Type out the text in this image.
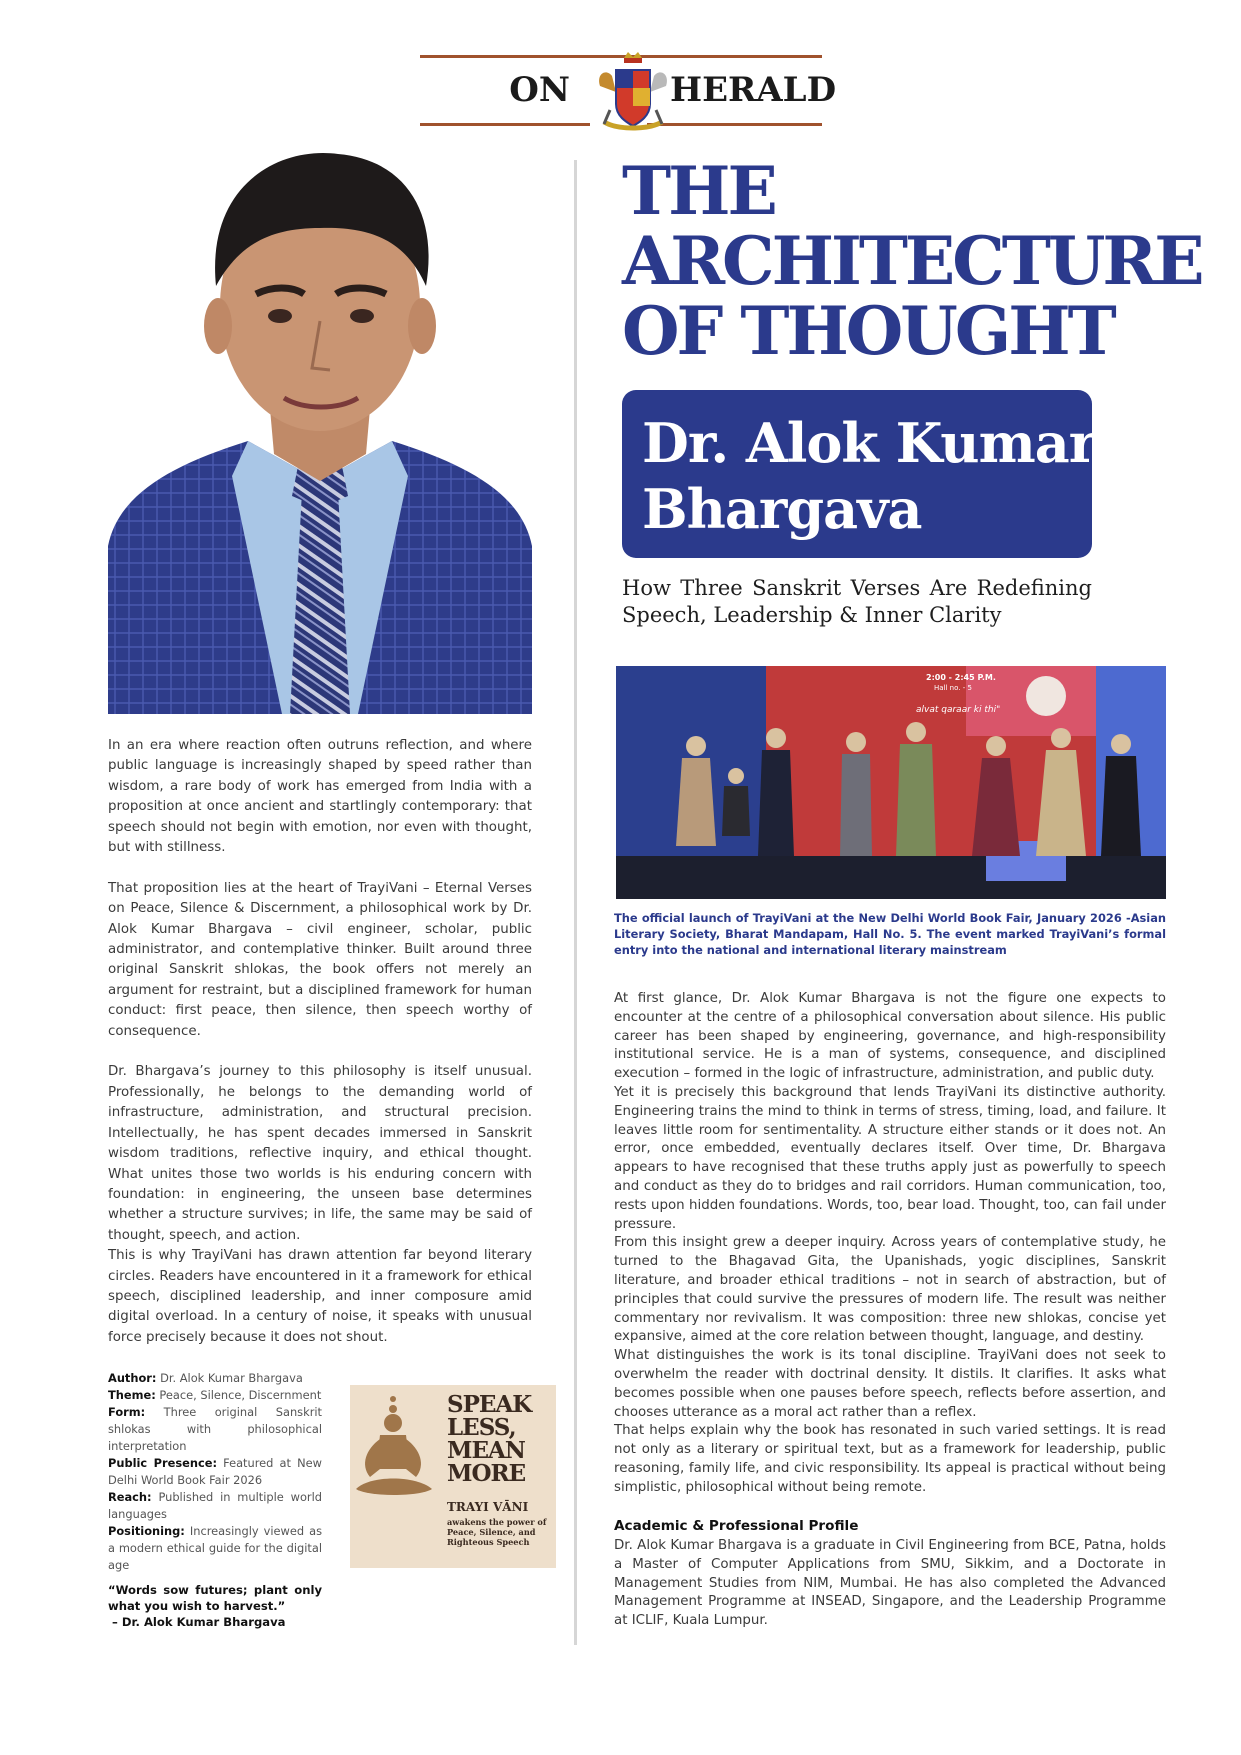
ON	HERALD
THE
ARCHITECTURE
OF THOUGHT
Dr. Alok Kumar
Bhargava
How Three Sanskrit Verses Are Redefining Speech, Leadership & Inner Clarity
2:00 - 2:45 P.M.
Hall no. - 5
alvat qaraar ki thi"
The official launch of TrayiVani at the New Delhi World Book Fair, January 2026 -Asian Literary Society, Bharat Mandapam, Hall No. 5. The event marked TrayiVani’s formal entry into the national and international literary mainstream

In an era where reaction often outruns reflection, and where public language is increasingly shaped by speed rather than wisdom, a rare body of work has emerged from India with a proposition at once ancient and startlingly contemporary: that speech should not begin with emotion, nor even with thought, but with stillness.

That proposition lies at the heart of TrayiVani – Eternal Verses on Peace, Silence & Discernment, a philosophical work by Dr. Alok Kumar Bhargava – civil engineer, scholar, public administrator, and contemplative thinker. Built around three original Sanskrit shlokas, the book offers not merely an argument for restraint, but a disciplined framework for human conduct: first peace, then silence, then speech worthy of consequence.

Dr. Bhargava’s journey to this philosophy is itself unusual. Professionally, he belongs to the demanding world of infrastructure, administration, and structural precision. Intellectually, he has spent decades immersed in Sanskrit wisdom traditions, reflective inquiry, and ethical thought. What unites those two worlds is his enduring concern with foundation: in engineering, the unseen base determines whether a structure survives; in life, the same may be said of thought, speech, and action.

This is why TrayiVani has drawn attention far beyond literary circles. Readers have encountered in it a framework for ethical speech, disciplined leadership, and inner composure amid digital overload. In a century of noise, it speaks with unusual force precisely because it does not shout.

Author: Dr. Alok Kumar Bhargava
Theme: Peace, Silence, Discernment
Form: Three original Sanskrit shlokas with philosophical interpretation
Public Presence: Featured at New Delhi World Book Fair 2026
Reach: Published in multiple world languages
Positioning: Increasingly viewed as a modern ethical guide for the digital age
SPEAK
LESS,
MEAN
MORE
TRAYI VĀNI
awakens the power of Peace, Silence, and Righteous Speech
“Words sow futures; plant only what you wish to harvest.”
– Dr. Alok Kumar Bhargava

At first glance, Dr. Alok Kumar Bhargava is not the figure one expects to encounter at the centre of a philosophical conversation about silence. His public career has been shaped by engineering, governance, and high-responsibility institutional service. He is a man of systems, consequence, and disciplined execution – formed in the logic of infrastructure, administration, and public duty.

Yet it is precisely this background that lends TrayiVani its distinctive authority. Engineering trains the mind to think in terms of stress, timing, load, and failure. It leaves little room for sentimentality. A structure either stands or it does not. An error, once embedded, eventually declares itself. Over time, Dr. Bhargava appears to have recognised that these truths apply just as powerfully to speech and conduct as they do to bridges and rail corridors. Human communication, too, rests upon hidden foundations. Words, too, bear load. Thought, too, can fail under pressure.

From this insight grew a deeper inquiry. Across years of contemplative study, he turned to the Bhagavad Gita, the Upanishads, yogic disciplines, Sanskrit literature, and broader ethical traditions – not in search of abstraction, but of principles that could survive the pressures of modern life. The result was neither commentary nor revivalism. It was composition: three new shlokas, concise yet expansive, aimed at the core relation between thought, language, and destiny.

What distinguishes the work is its tonal discipline. TrayiVani does not seek to overwhelm the reader with doctrinal density. It distils. It clarifies. It asks what becomes possible when one pauses before speech, reflects before assertion, and chooses utterance as a moral act rather than a reflex.

That helps explain why the book has resonated in such varied settings. It is read not only as a literary or spiritual text, but as a framework for leadership, public reasoning, family life, and civic responsibility. Its appeal is practical without being simplistic, philosophical without being remote.

Academic & Professional Profile
Dr. Alok Kumar Bhargava is a graduate in Civil Engineering from BCE, Patna, holds a Master of Computer Applications from SMU, Sikkim, and a Doctorate in Management Studies from NIM, Mumbai. He has also completed the Advanced Management Programme at INSEAD, Singapore, and the Leadership Programme at ICLIF, Kuala Lumpur.
